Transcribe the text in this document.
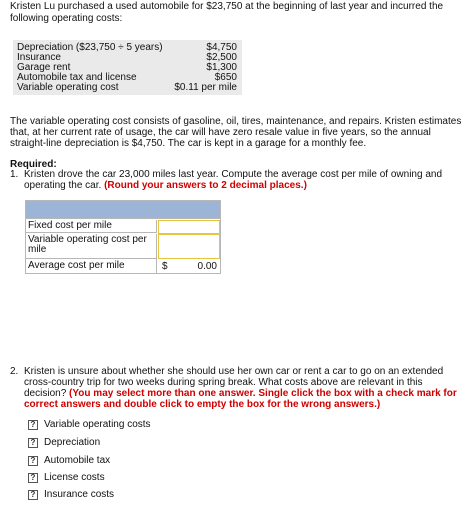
Kristen Lu purchased a used automobile for $23,750 at the beginning of last year and incurred the following operating costs:
Depreciation ($23,750 ÷ 5 years)	$4,750
Insurance	$2,500
Garage rent	$1,300
Automobile tax and license	$650
Variable operating cost	$0.11 per mile
The variable operating cost consists of gasoline, oil, tires, maintenance, and repairs. Kristen estimates that, at her current rate of usage, the car will have zero resale value in five years, so the annual straight-line depreciation is $4,750. The car is kept in a garage for a monthly fee.
Required:
1. Kristen drove the car 23,000 miles last year. Compute the average cost per mile of owning and operating the car. (Round your answers to 2 decimal places.)
Fixed cost per mile
Variable operating cost per mile
Average cost per mile	$	0.00
2. Kristen is unsure about whether she should use her own car or rent a car to go on an extended cross-country trip for two weeks during spring break. What costs above are relevant in this decision? (You may select more than one answer. Single click the box with a check mark for correct answers and double click to empty the box for the wrong answers.)
? Variable operating costs
? Depreciation
? Automobile tax
? License costs
? Insurance costs
